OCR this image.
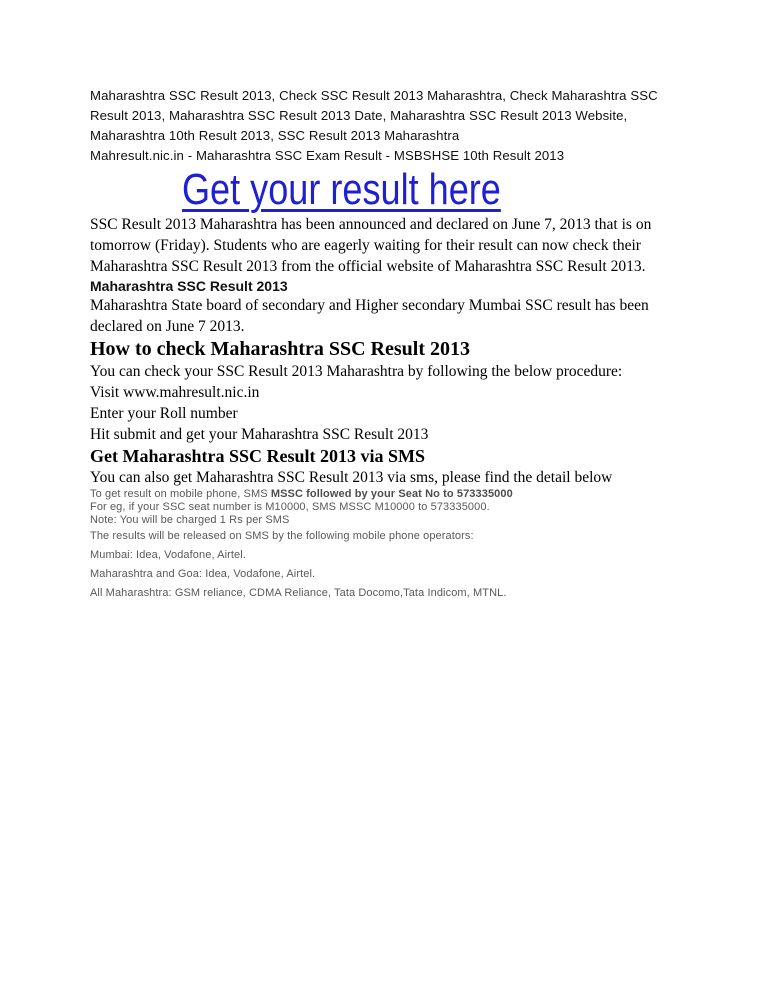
Maharashtra SSC Result 2013, Check SSC Result 2013 Maharashtra, Check Maharashtra SSC Result 2013, Maharashtra SSC Result 2013 Date, Maharashtra SSC Result 2013 Website, Maharashtra 10th Result 2013, SSC Result 2013 Maharashtra

Mahresult.nic.in - Maharashtra SSC Exam Result - MSBSHSE 10th Result 2013

Get your result here

SSC Result 2013 Maharashtra has been announced and declared on June 7, 2013 that is on tomorrow (Friday). Students who are eagerly waiting for their result can now check their Maharashtra SSC Result 2013 from the official website of Maharashtra SSC Result 2013.

Maharashtra SSC Result 2013

Maharashtra State board of secondary and Higher secondary Mumbai SSC result has been declared on June 7 2013.

How to check Maharashtra SSC Result 2013

You can check your SSC Result 2013 Maharashtra by following the below procedure:

Visit www.mahresult.nic.in
Enter your Roll number
Hit submit and get your Maharashtra SSC Result 2013
Get Maharashtra SSC Result 2013 via SMS

You can also get Maharashtra SSC Result 2013 via sms, please find the detail below

To get result on mobile phone, SMS MSSC followed by your Seat No to 573335000

For eg, if your SSC seat number is M10000, SMS MSSC M10000 to 573335000.

Note: You will be charged 1 Rs per SMS

The results will be released on SMS by the following mobile phone operators:
Mumbai: Idea, Vodafone, Airtel.
Maharashtra and Goa: Idea, Vodafone, Airtel.
All Maharashtra: GSM reliance, CDMA Reliance, Tata Docomo,Tata Indicom, MTNL.
